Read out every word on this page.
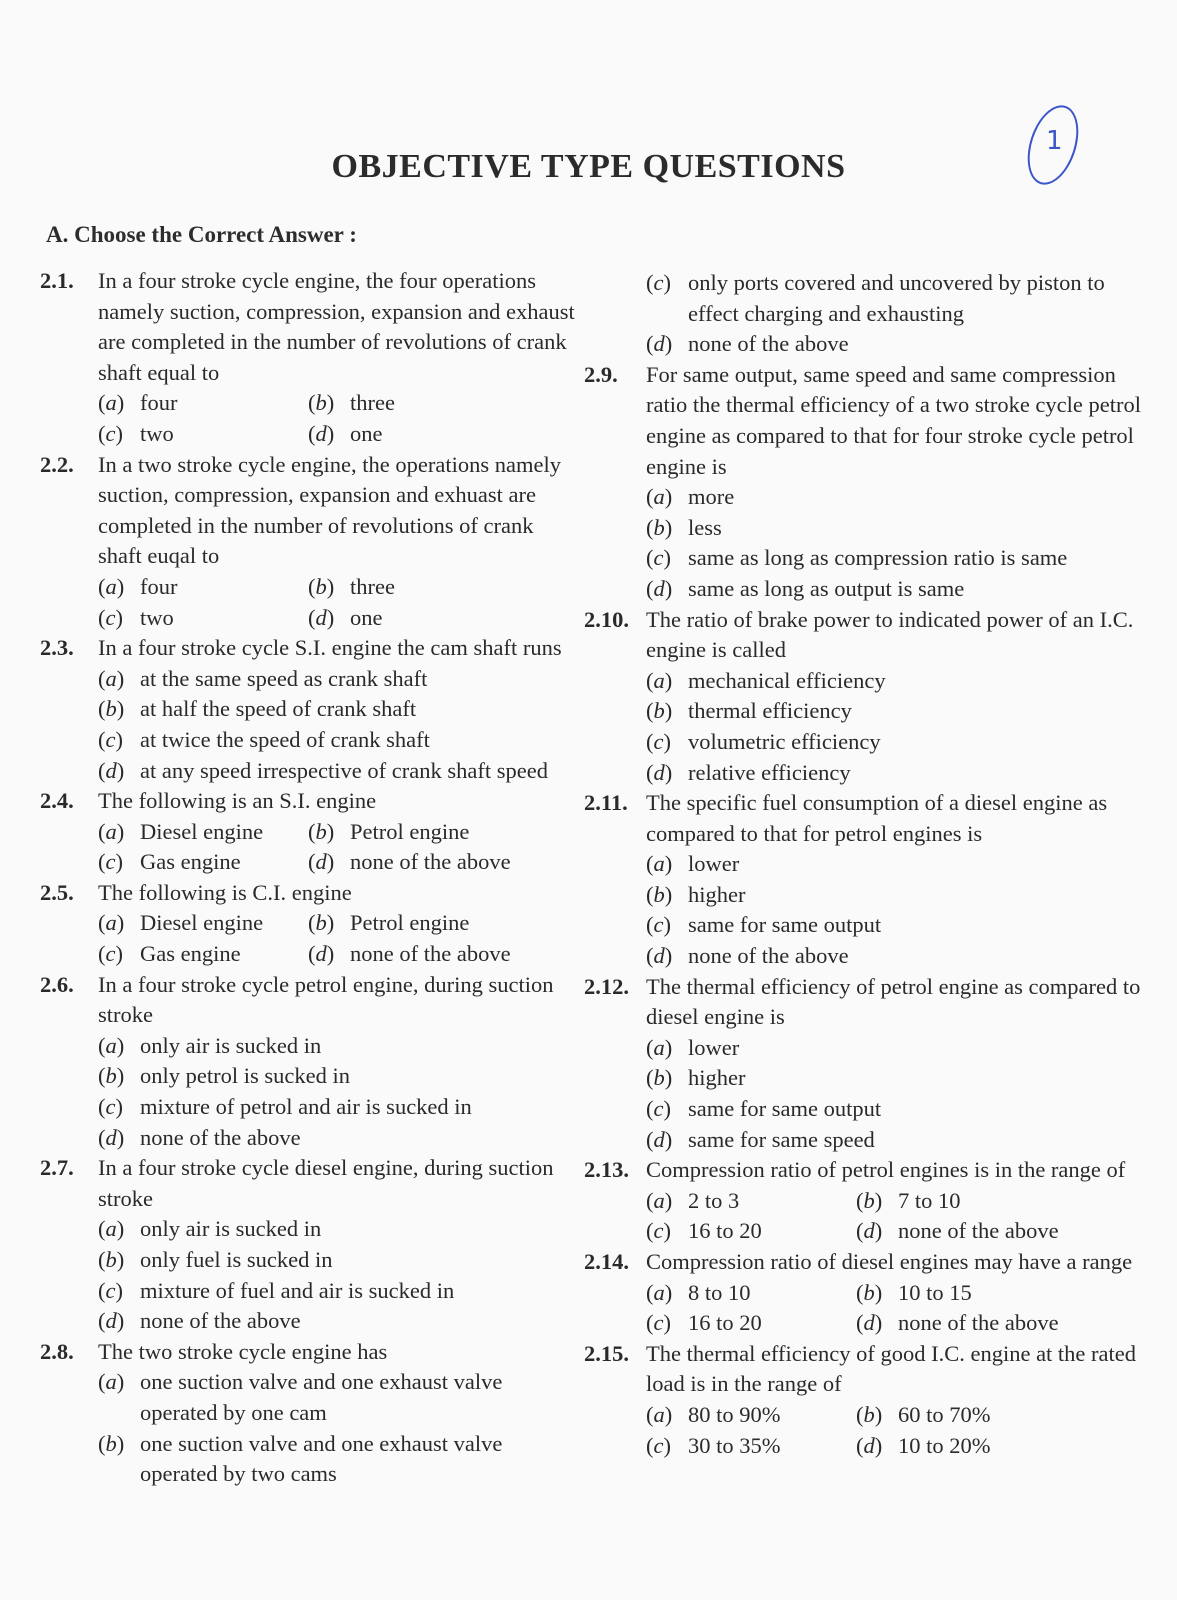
OBJECTIVE TYPE QUESTIONS
1
A. Choose the Correct Answer :
2.1. In a four stroke cycle engine, the four operations namely suction, compression, expansion and exhaust are completed in the number of revolutions of crank shaft equal to
(a) four	(b) three
(c) two	(d) one
2.2. In a two stroke cycle engine, the operations namely suction, compression, expansion and exhuast are completed in the number of revolutions of crank shaft euqal to
(a) four	(b) three
(c) two	(d) one
2.3. In a four stroke cycle S.I. engine the cam shaft runs
(a) at the same speed as crank shaft
(b) at half the speed of crank shaft
(c) at twice the speed of crank shaft
(d) at any speed irrespective of crank shaft speed
2.4. The following is an S.I. engine
(a) Diesel engine	(b) Petrol engine
(c) Gas engine	(d) none of the above
2.5. The following is C.I. engine
(a) Diesel engine	(b) Petrol engine
(c) Gas engine	(d) none of the above
2.6. In a four stroke cycle petrol engine, during suction stroke
(a) only air is sucked in
(b) only petrol is sucked in
(c) mixture of petrol and air is sucked in
(d) none of the above
2.7. In a four stroke cycle diesel engine, during suction stroke
(a) only air is sucked in
(b) only fuel is sucked in
(c) mixture of fuel and air is sucked in
(d) none of the above
2.8. The two stroke cycle engine has
(a) one suction valve and one exhaust valve operated by one cam
(b) one suction valve and one exhaust valve operated by two cams
(c) only ports covered and uncovered by piston to effect charging and exhausting
(d) none of the above
2.9. For same output, same speed and same compression ratio the thermal efficiency of a two stroke cycle petrol engine as compared to that for four stroke cycle petrol engine is
(a) more
(b) less
(c) same as long as compression ratio is same
(d) same as long as output is same
2.10. The ratio of brake power to indicated power of an I.C. engine is called
(a) mechanical efficiency
(b) thermal efficiency
(c) volumetric efficiency
(d) relative efficiency
2.11. The specific fuel consumption of a diesel engine as compared to that for petrol engines is
(a) lower
(b) higher
(c) same for same output
(d) none of the above
2.12. The thermal efficiency of petrol engine as compared to diesel engine is
(a) lower
(b) higher
(c) same for same output
(d) same for same speed
2.13. Compression ratio of petrol engines is in the range of
(a) 2 to 3	(b) 7 to 10
(c) 16 to 20	(d) none of the above
2.14. Compression ratio of diesel engines may have a range
(a) 8 to 10	(b) 10 to 15
(c) 16 to 20	(d) none of the above
2.15. The thermal efficiency of good I.C. engine at the rated load is in the range of
(a) 80 to 90%	(b) 60 to 70%
(c) 30 to 35%	(d) 10 to 20%
